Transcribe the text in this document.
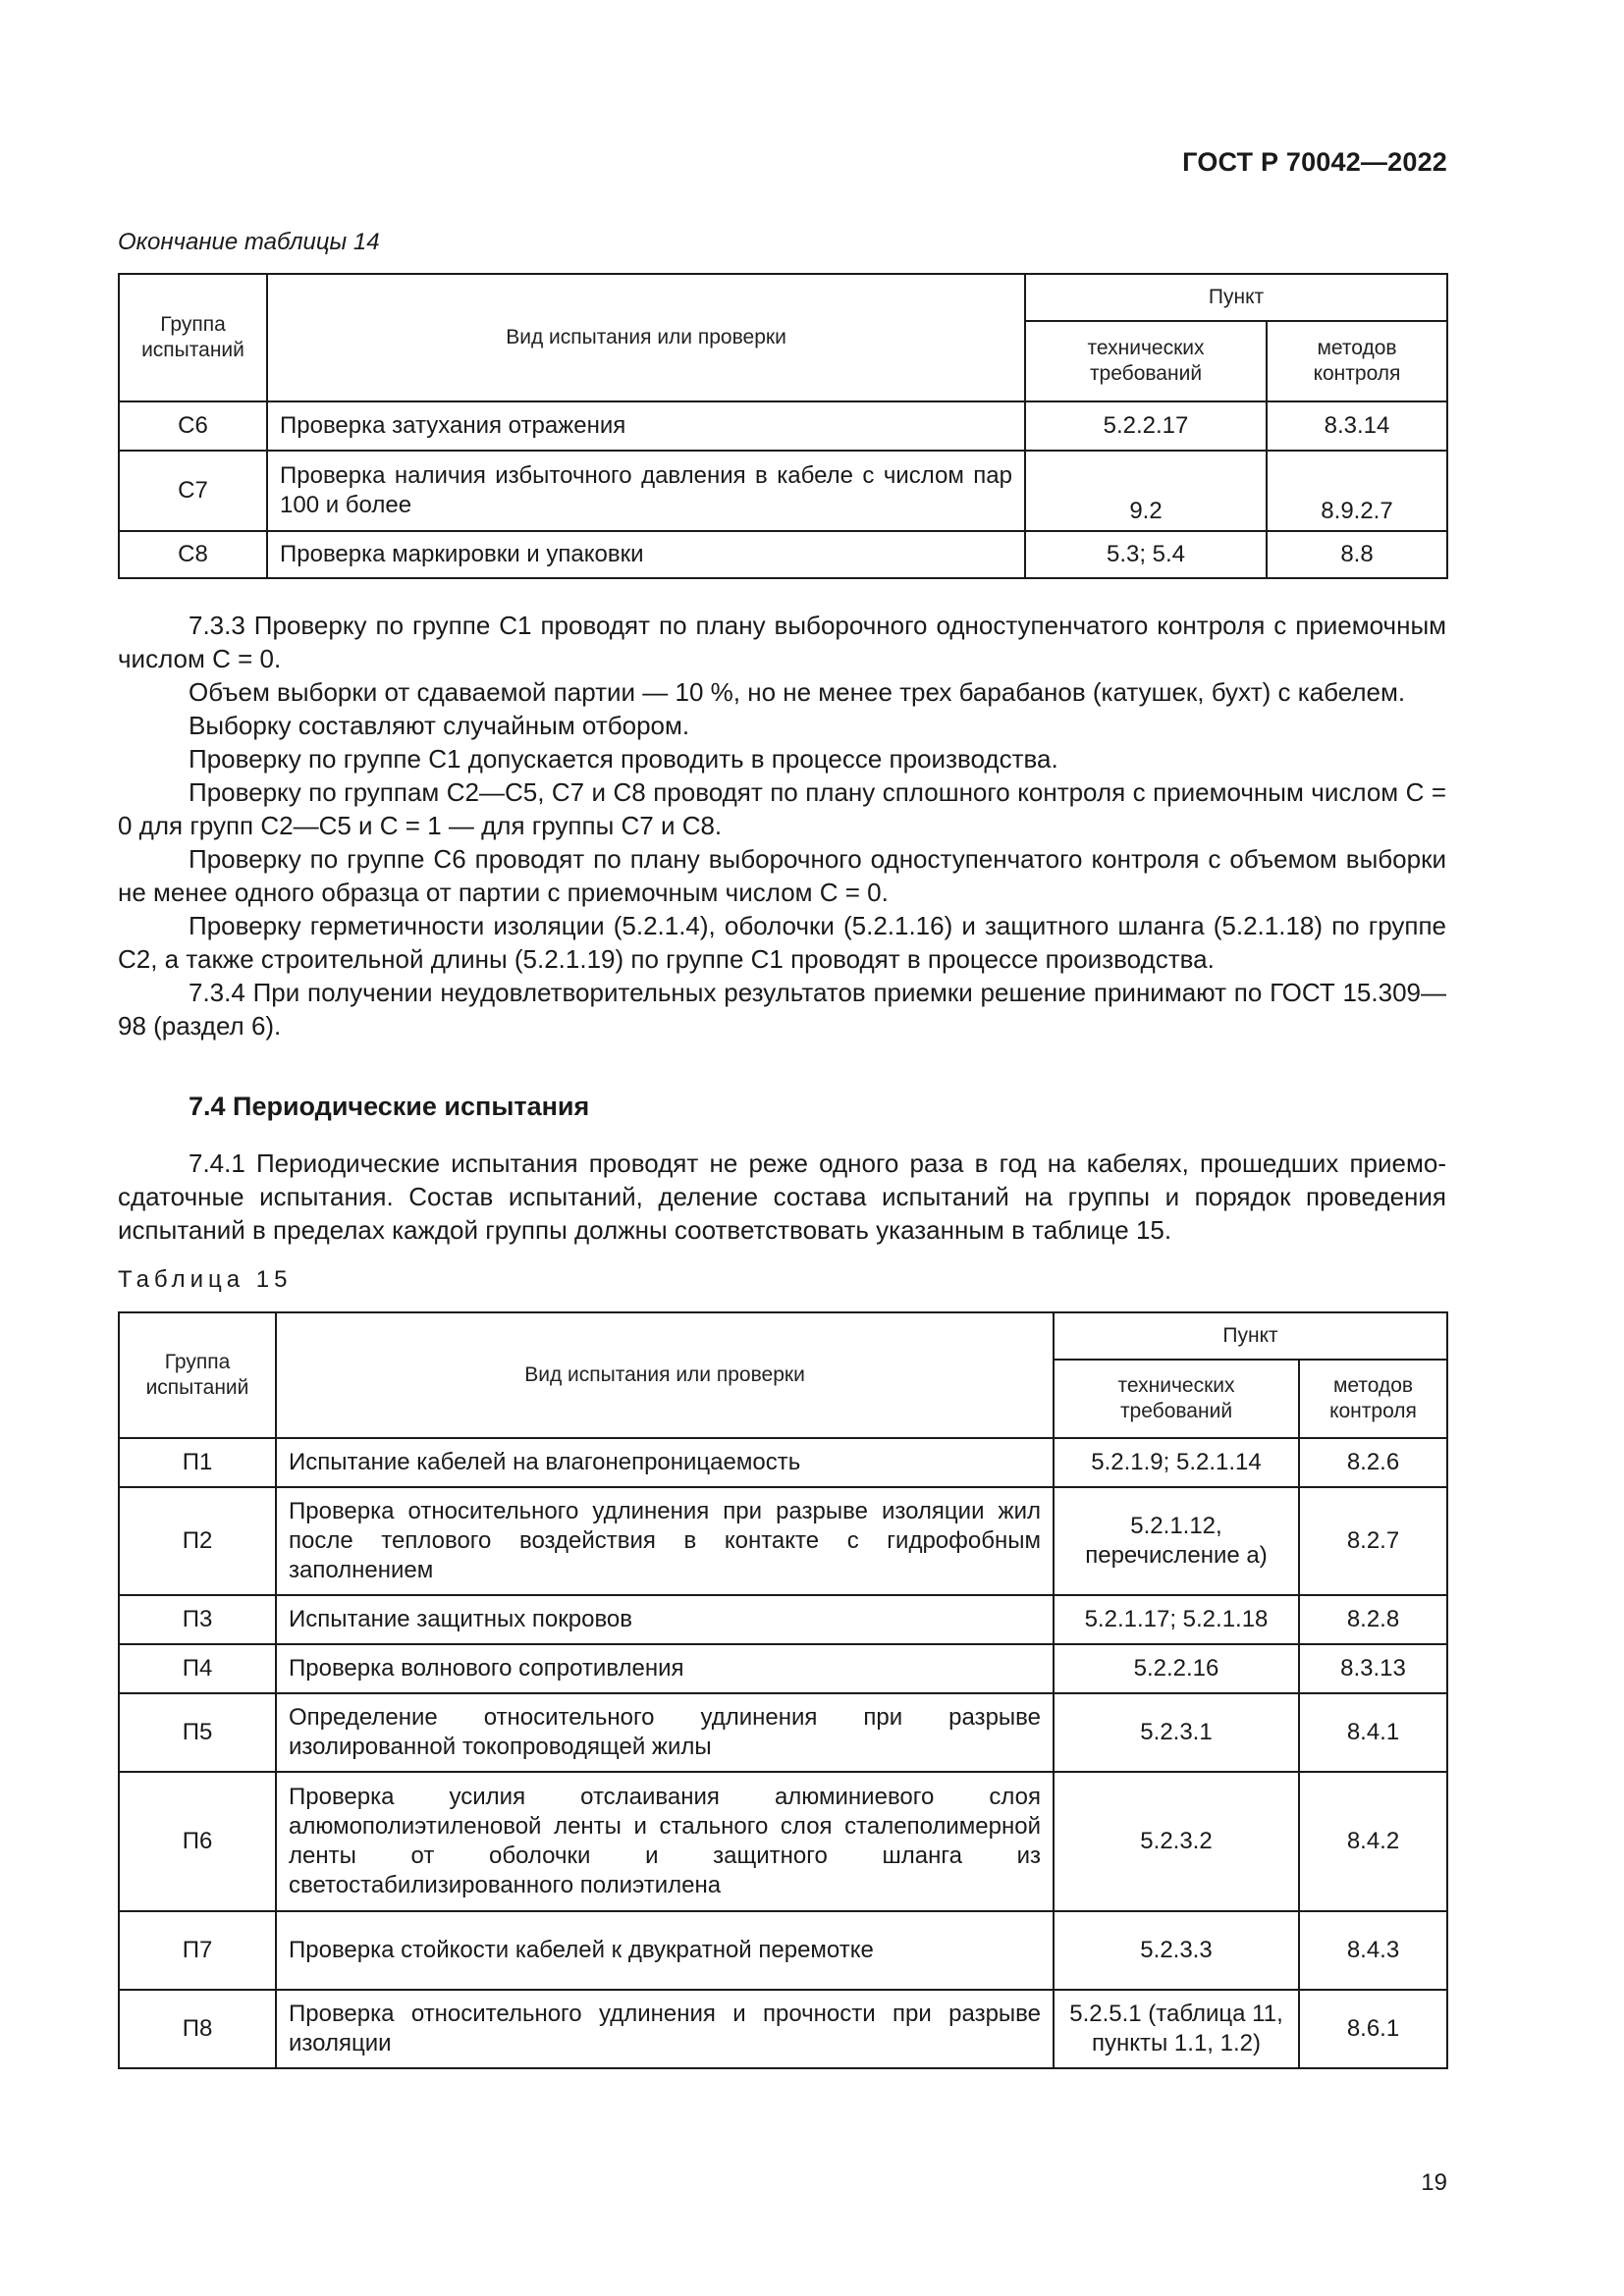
ГОСТ Р 70042—2022
Окончание таблицы 14
Группа испытаний	Вид испытания или проверки	Пункт	
		технических требований	методов контроля
С6	Проверка затухания отражения	5.2.2.17	8.3.14
С7	Проверка наличия избыточного давления в кабеле с числом пар 100 и более	9.2	8.9.2.7
С8	Проверка маркировки и упаковки	5.3; 5.4	8.8

7.3.3 Проверку по группе С1 проводят по плану выборочного одноступенчатого контроля с приемочным числом С = 0.

Объем выборки от сдаваемой партии — 10 %, но не менее трех барабанов (катушек, бухт) с кабелем.

Выборку составляют случайным отбором.

Проверку по группе С1 допускается проводить в процессе производства.

Проверку по группам С2—С5, С7 и С8 проводят по плану сплошного контроля с приемочным числом С = 0 для групп С2—С5 и С = 1 — для группы С7 и С8.

Проверку по группе С6 проводят по плану выборочного одноступенчатого контроля с объемом выборки не менее одного образца от партии с приемочным числом С = 0.

Проверку герметичности изоляции (5.2.1.4), оболочки (5.2.1.16) и защитного шланга (5.2.1.18) по группе С2, а также строительной длины (5.2.1.19) по группе С1 проводят в процессе производства.

7.3.4 При получении неудовлетворительных результатов приемки решение принимают по ГОСТ 15.309—98 (раздел 6).

7.4 Периодические испытания

7.4.1 Периодические испытания проводят не реже одного раза в год на кабелях, прошедших приемо-сдаточные испытания. Состав испытаний, деление состава испытаний на группы и порядок проведения испытаний в пределах каждой группы должны соответствовать указанным в таблице 15.

Таблица 15
Группа испытаний	Вид испытания или проверки	Пункт	
		технических требований	методов контроля
П1	Испытание кабелей на влагонепроницаемость	5.2.1.9; 5.2.1.14	8.2.6
П2	Проверка относительного удлинения при разрыве изоляции жил после теплового воздействия в контакте с гидрофобным заполнением	5.2.1.12, перечисление а)	8.2.7
П3	Испытание защитных покровов	5.2.1.17; 5.2.1.18	8.2.8
П4	Проверка волнового сопротивления	5.2.2.16	8.3.13
П5	Определение относительного удлинения при разрыве изолированной токопроводящей жилы	5.2.3.1	8.4.1
П6	Проверка усилия отслаивания алюминиевого слоя алюмополиэтиленовой ленты и стального слоя сталеполимерной ленты от оболочки и защитного шланга из светостабилизированного полиэтилена	5.2.3.2	8.4.2
П7	Проверка стойкости кабелей к двукратной перемотке	5.2.3.3	8.4.3
П8	Проверка относительного удлинения и прочности при разрыве изоляции	5.2.5.1 (таблица 11, пункты 1.1, 1.2)	8.6.1
19
